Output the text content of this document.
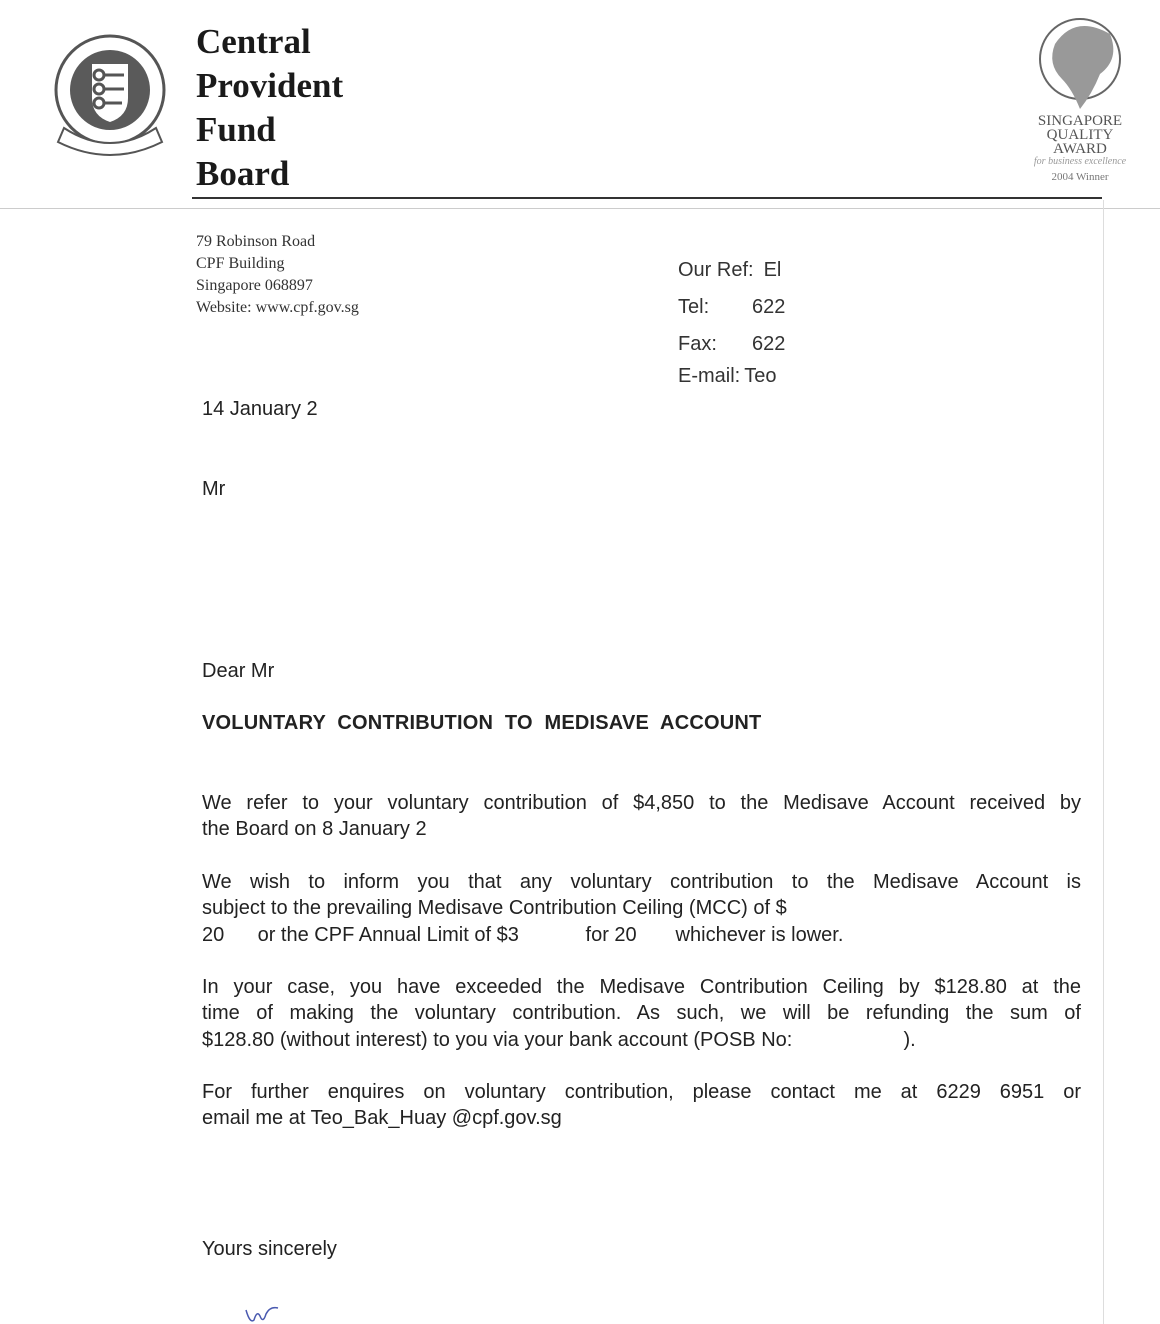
Central
Provident
Fund
Board
SINGAPORE
QUALITY
AWARD
for business excellence
2004 Winner
79 Robinson Road
CPF Building
Singapore 068897
Website: www.cpf.gov.sg
Our Ref: El
Tel: 622
Fax: 622
E-mail: Teo
14 January 2
Mr
Dear Mr
VOLUNTARY CONTRIBUTION TO MEDISAVE ACCOUNT
We refer to your voluntary contribution of $4,850 to the Medisave Account received by
the Board on 8 January 2
We wish to inform you that any voluntary contribution to the Medisave Account is
subject to the prevailing Medisave Contribution Ceiling (MCC) of $
20      or the CPF Annual Limit of $3            for 20       whichever is lower.
In your case, you have exceeded the Medisave Contribution Ceiling by $128.80 at the
time of making the voluntary contribution. As such, we will be refunding the sum of
$128.80 (without interest) to you via your bank account (POSB No:                    ).
For further enquires on voluntary contribution, please contact me at 6229 6951 or
email me at Teo_Bak_Huay @cpf.gov.sg
Yours sincerely
